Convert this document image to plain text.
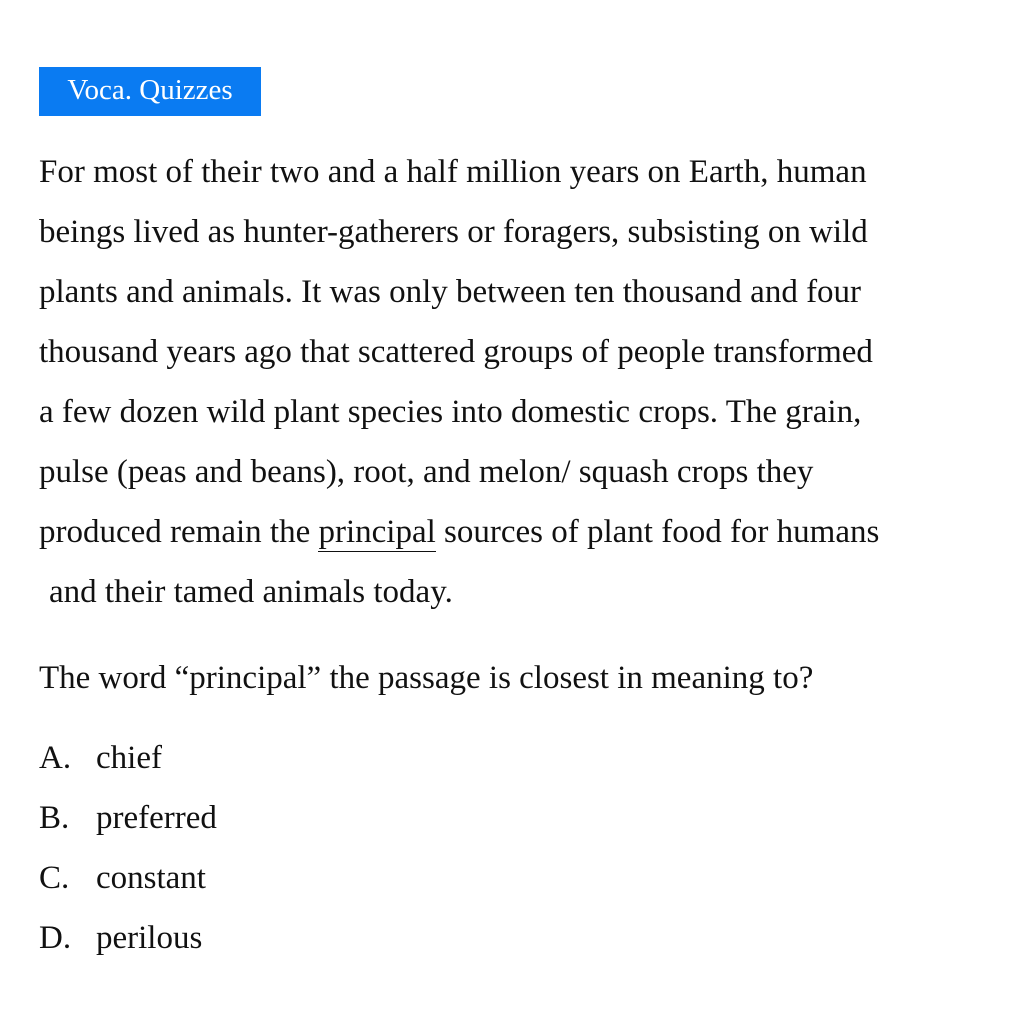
Voca. Quizzes
For most of their two and a half million years on Earth, human
beings lived as hunter-gatherers or foragers, subsisting on wild
plants and animals. It was only between ten thousand and four
thousand years ago that scattered groups of people transformed
a few dozen wild plant species into domestic crops. The grain,
pulse (peas and beans), root, and melon/ squash crops they
produced remain the principal sources of plant food for humans
and their tamed animals today.

The word “principal” the passage is closest in meaning to?

A. chief
B. preferred
C. constant
D. perilous
